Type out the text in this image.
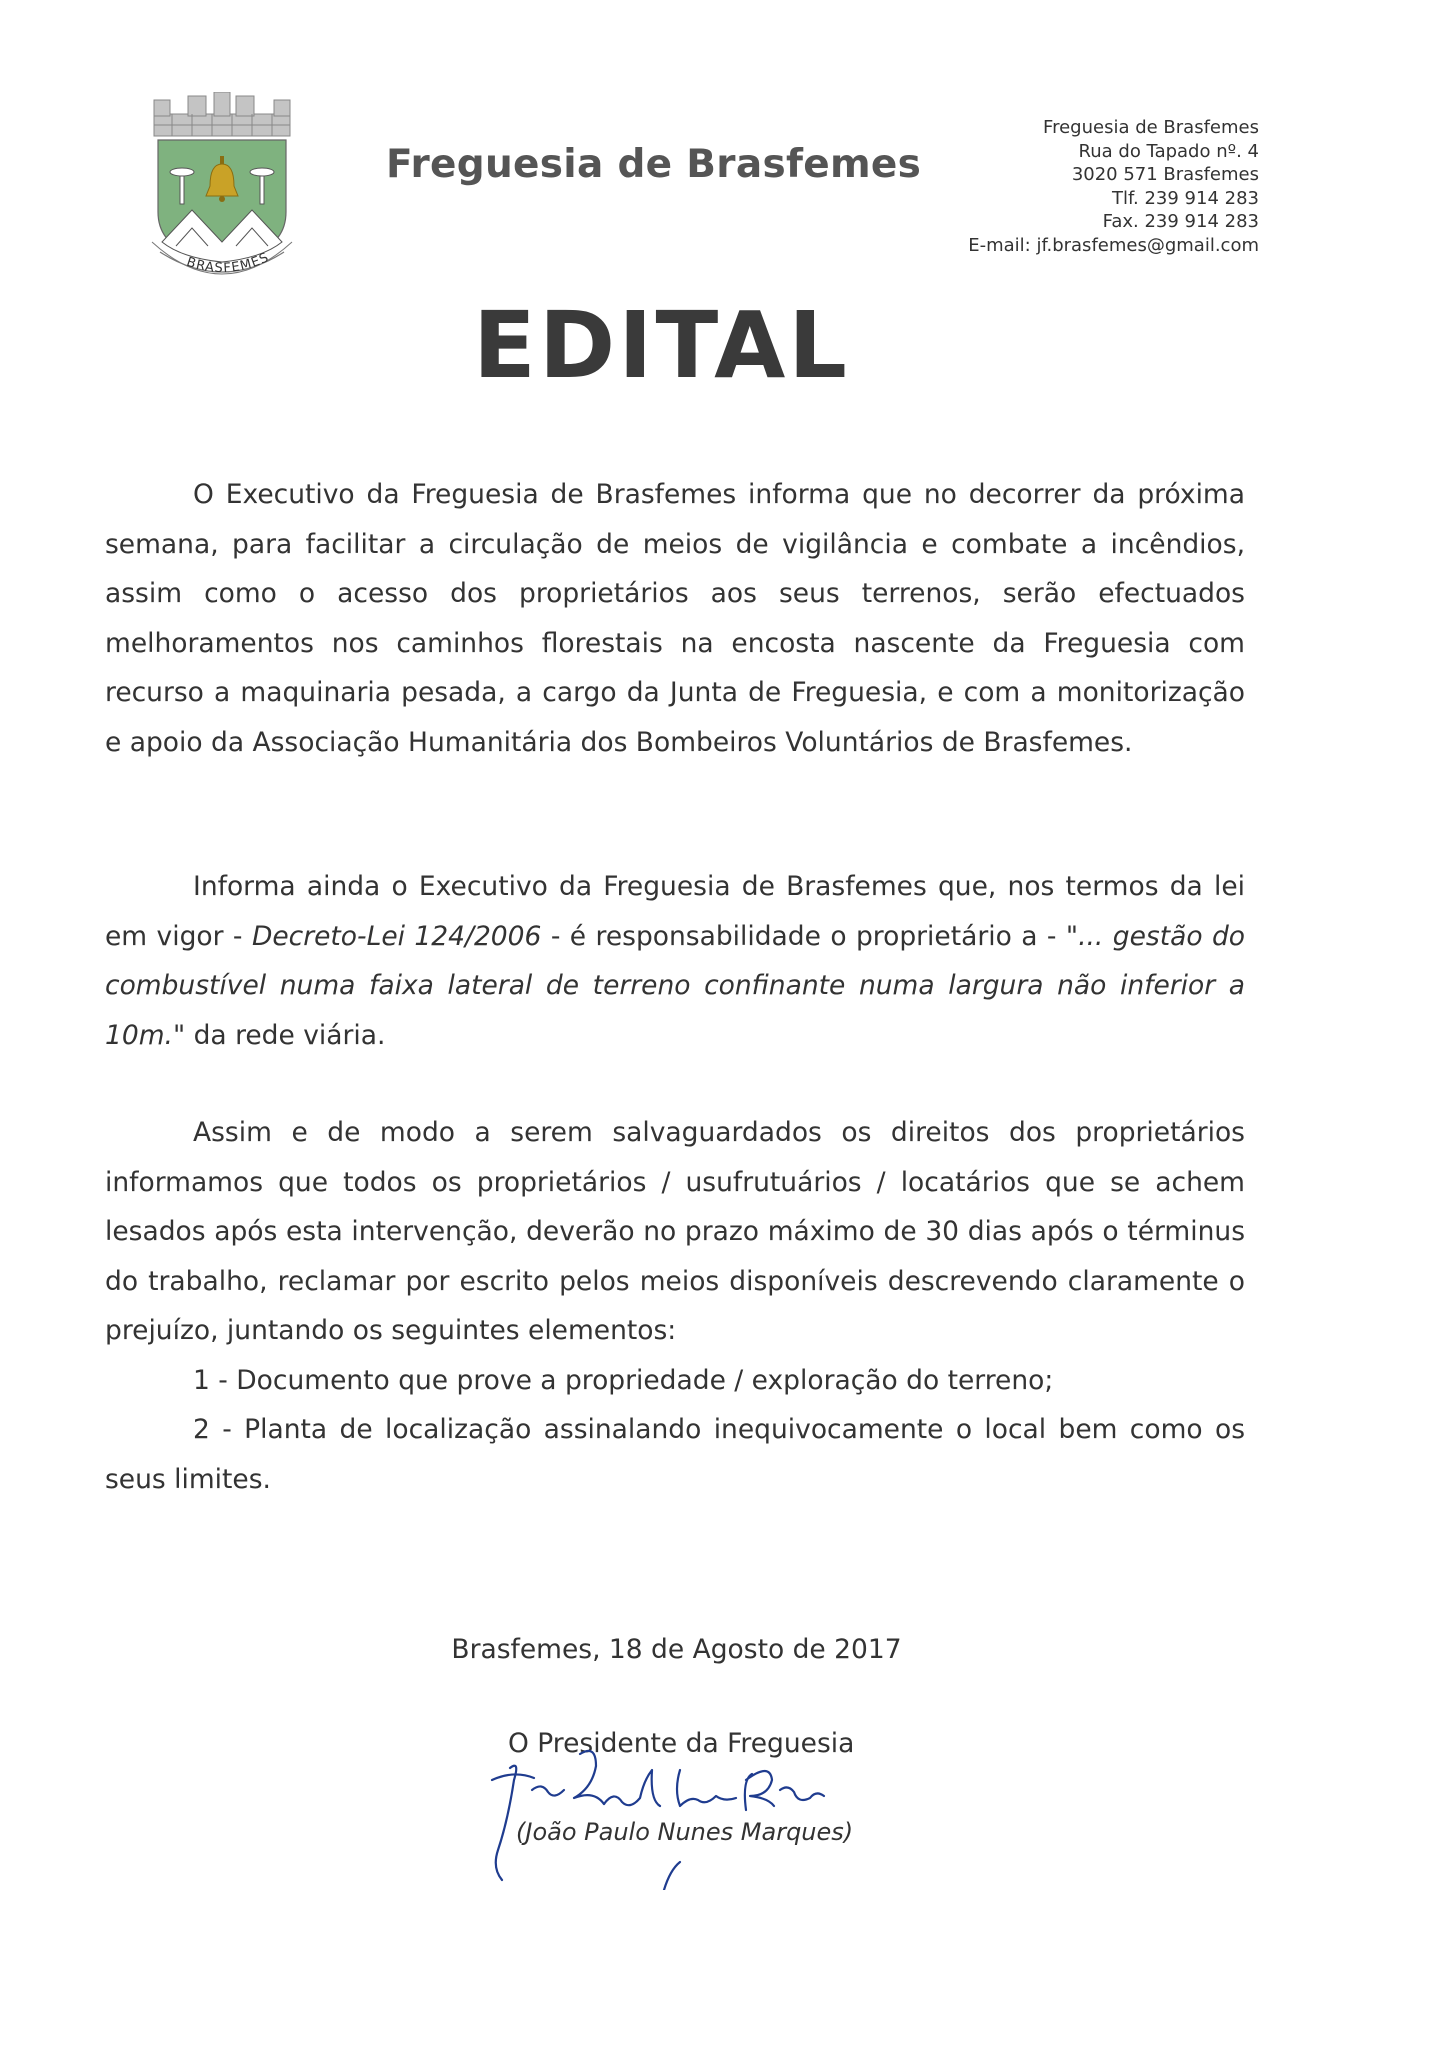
BRASFEMES
Freguesia de Brasfemes
Freguesia de Brasfemes
Rua do Tapado nº. 4
3020 571 Brasfemes
Tlf. 239 914 283
Fax. 239 914 283
E-mail: jf.brasfemes@gmail.com
EDITAL

O Executivo da Freguesia de Brasfemes informa que no decorrer da próxima semana, para facilitar a circulação de meios de vigilância e combate a incêndios, assim como o acesso dos proprietários aos seus terrenos, serão efectuados melhoramentos nos caminhos florestais na encosta nascente da Freguesia com recurso a maquinaria pesada, a cargo da Junta de Freguesia, e com a monitorização e apoio da Associação Humanitária dos Bombeiros Voluntários de Brasfemes.

Informa ainda o Executivo da Freguesia de Brasfemes que, nos termos da lei em vigor - Decreto-Lei 124/2006 - é responsabilidade o proprietário a - "... gestão do combustível numa faixa lateral de terreno confinante numa largura não inferior a 10m." da rede viária.

Assim e de modo a serem salvaguardados os direitos dos proprietários informamos que todos os proprietários / usufrutuários / locatários que se achem lesados após esta intervenção, deverão no prazo máximo de 30 dias após o términus do trabalho, reclamar por escrito pelos meios disponíveis descrevendo claramente o prejuízo, juntando os seguintes elementos:

1 - Documento que prove a propriedade / exploração do terreno;

2 - Planta de localização assinalando inequivocamente o local bem como os seus limites.

Brasfemes, 18 de Agosto de 2017
O Presidente da Freguesia
(João Paulo Nunes Marques)
